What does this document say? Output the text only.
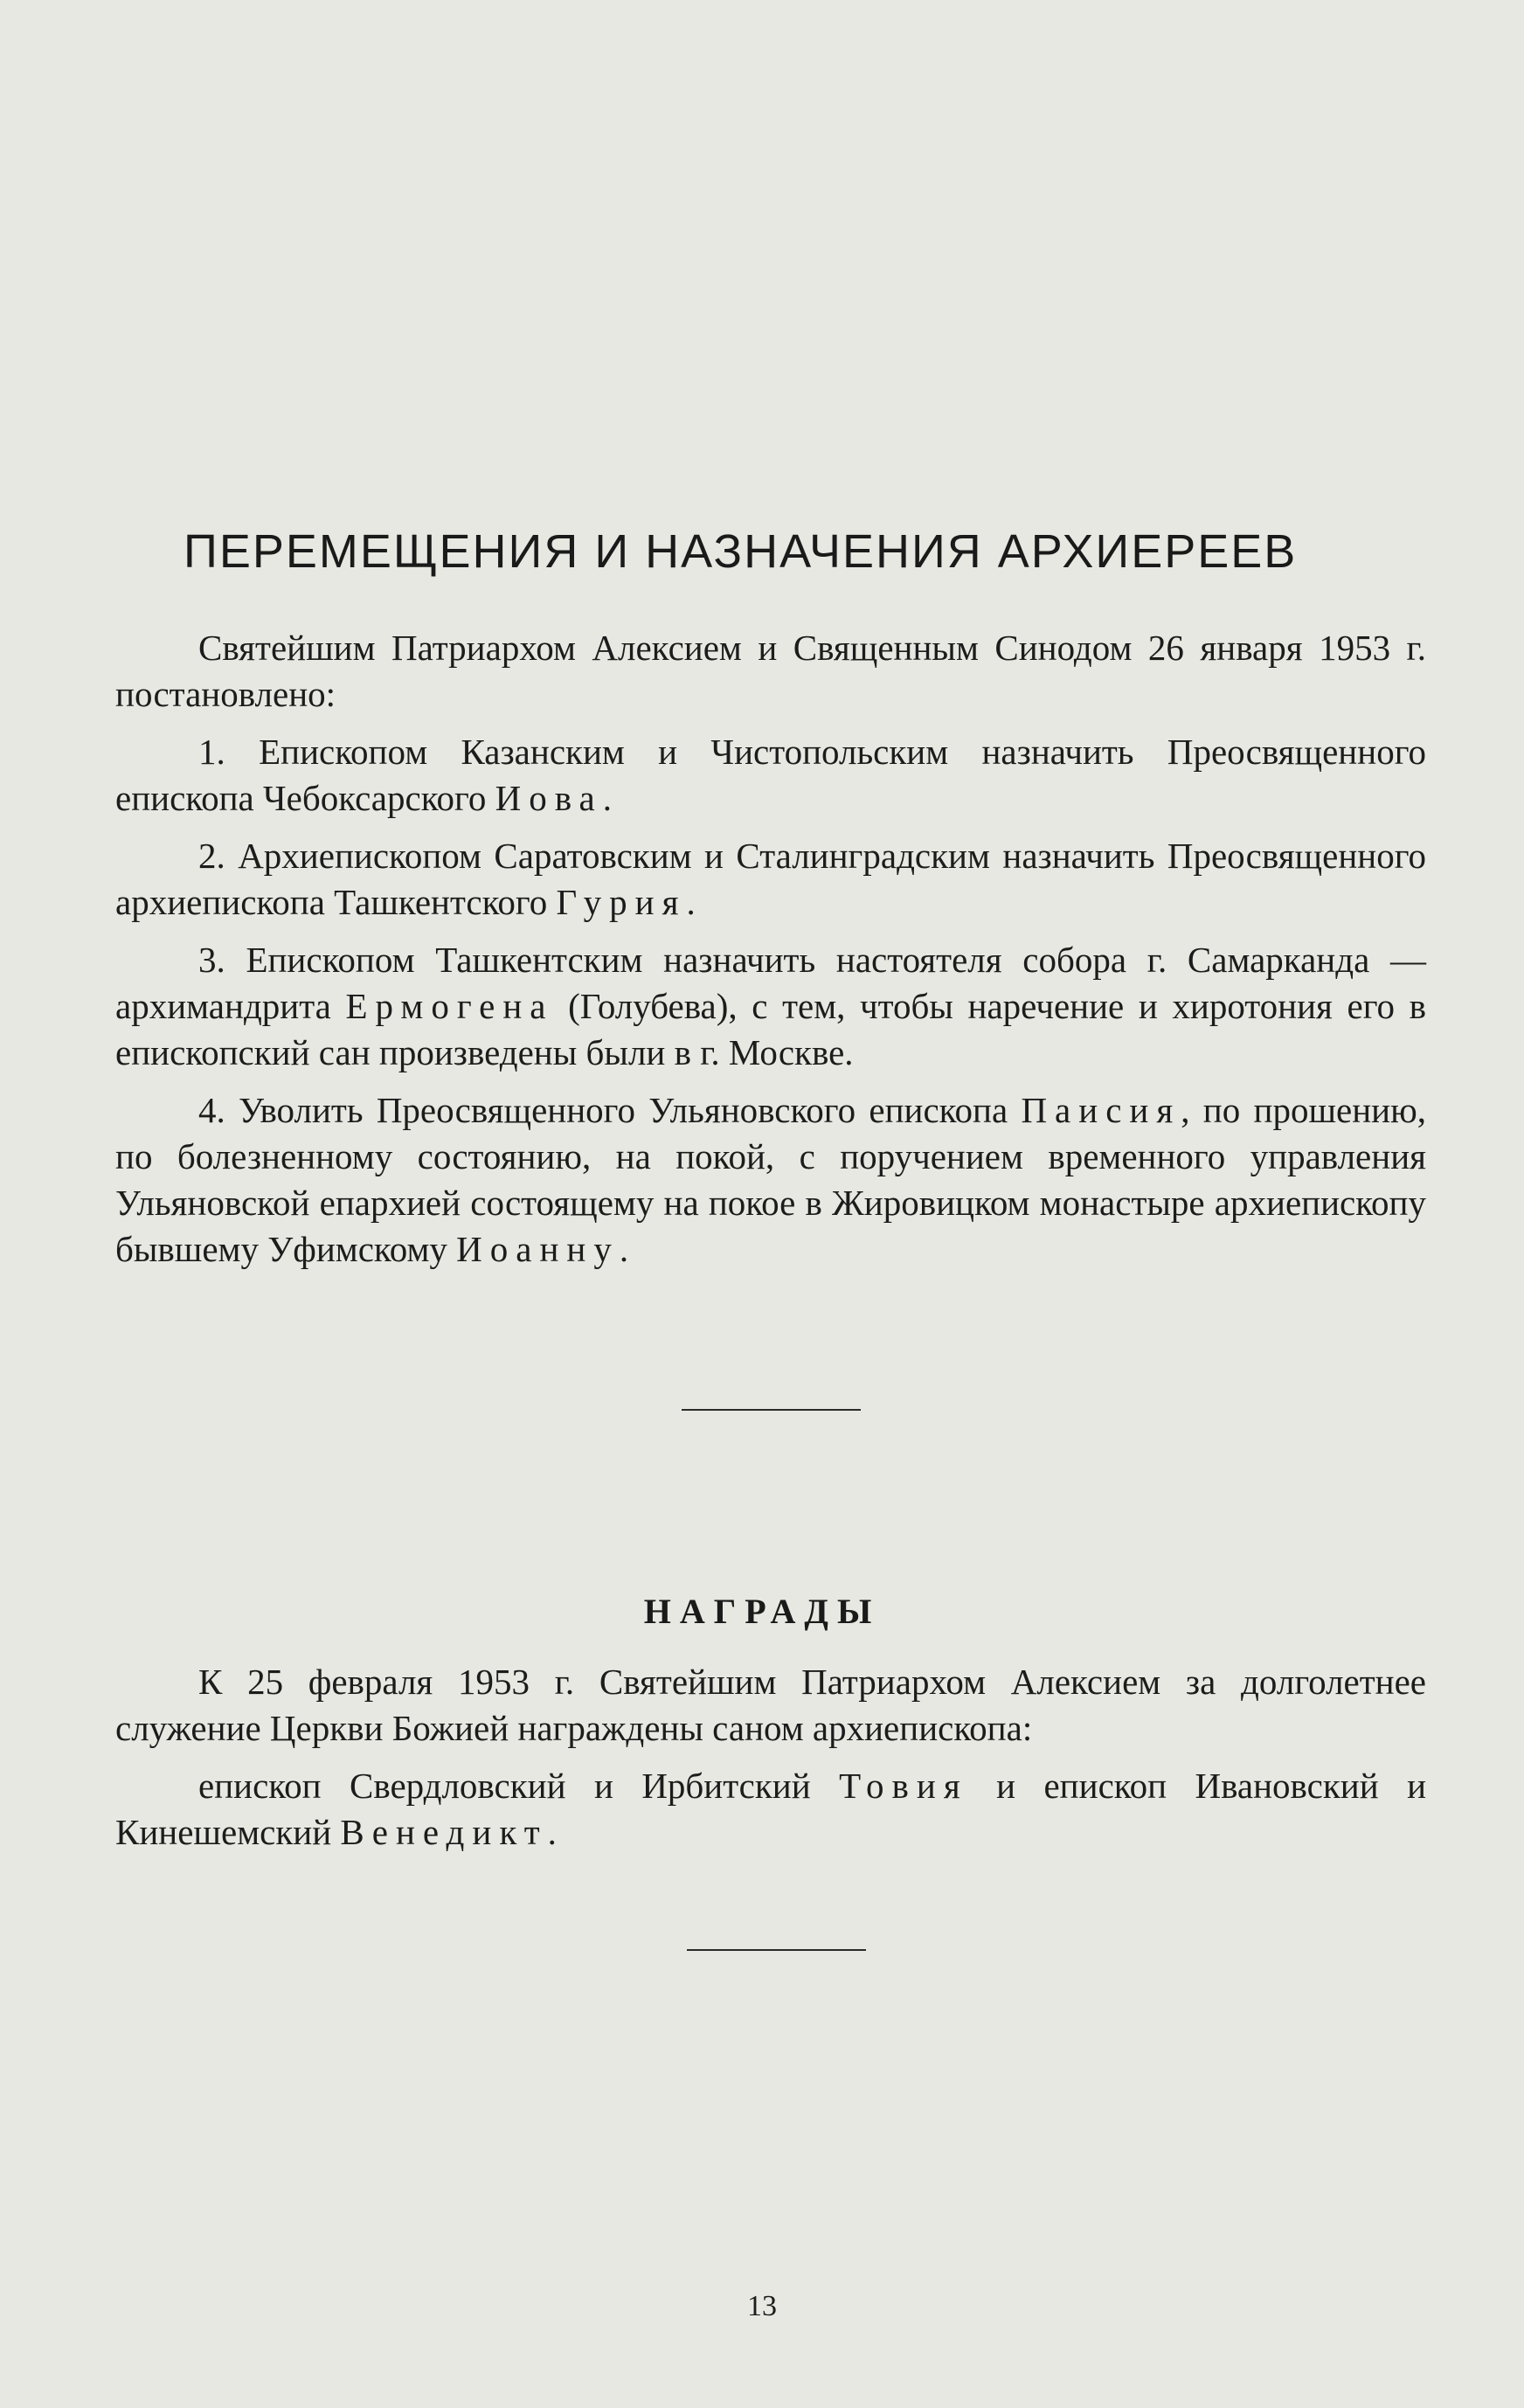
ПЕРЕМЕЩЕНИЯ И НАЗНАЧЕНИЯ АРХИЕРЕЕВ

Святейшим Патриархом Алексием и Священным Синодом 26 января 1953 г. постановлено:

1. Епископом Казанским и Чистопольским назначить Преосвященного епископа Чебоксарского Иова.

2. Архиепископом Саратовским и Сталинградским назначить Преосвященного архиепископа Ташкентского Гурия.

3. Епископом Ташкентским назначить настоятеля собора г. Самарканда — архимандрита Ермогена (Голубева), с тем, чтобы наречение и хиротония его в епископский сан произведены были в г. Москве.

4. Уволить Преосвященного Ульяновского епископа Паисия, по прошению, по болезненному состоянию, на покой, с поручением временного управления Ульяновской епархией состоящему на покое в Жировицком монастыре архиепископу бывшему Уфимскому Иоанну.

НАГРАДЫ

К 25 февраля 1953 г. Святейшим Патриархом Алексием за долголетнее служение Церкви Божией награждены саном архиепископа:

епископ Свердловский и Ирбитский Товия и епископ Ивановский и Кинешемский Венедикт.

13
